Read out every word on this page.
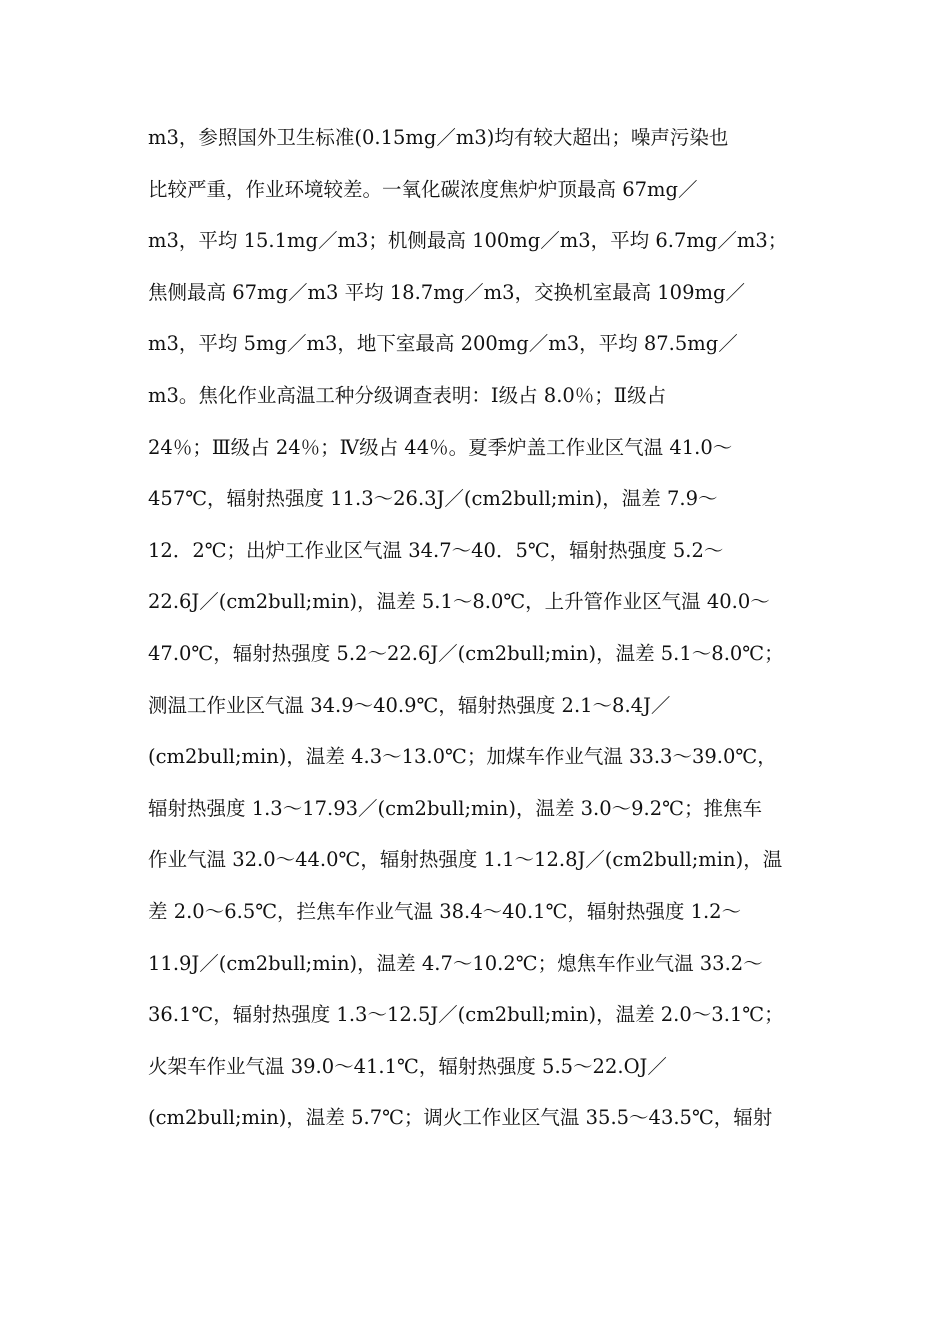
m3，参照国外卫生标准(0.15mg／m3)均有较大超出；噪声污染也
比较严重，作业环境较差。一氧化碳浓度焦炉炉顶最高 67mg／
m3，平均 15.1mg／m3；机侧最高 100mg／m3，平均 6.7mg／m3；
焦侧最高 67mg／m3 平均 18.7mg／m3，交换机室最高 109mg／
m3，平均 5mg／m3，地下室最高 200mg／m3，平均 87.5mg／
m3。焦化作业高温工种分级调查表明：Ⅰ级占 8.0％；Ⅱ级占
24％；Ⅲ级占 24％；Ⅳ级占 44％。夏季炉盖工作业区气温 41.0～
457℃，辐射热强度 11.3～26.3J／(cm2bull;min)，温差 7.9～
12．2℃；出炉工作业区气温 34.7～40．5℃，辐射热强度 5.2～
22.6J／(cm2bull;min)，温差 5.1～8.0℃，上升管作业区气温 40.0～
47.0℃，辐射热强度 5.2～22.6J／(cm2bull;min)，温差 5.1～8.0℃；
测温工作业区气温 34.9～40.9℃，辐射热强度 2.1～8.4J／
(cm2bull;min)，温差 4.3～13.0℃；加煤车作业气温 33.3～39.0℃，
辐射热强度 1.3～17.93／(cm2bull;min)，温差 3.0～9.2℃；推焦车
作业气温 32.0～44.0℃，辐射热强度 1.1～12.8J／(cm2bull;min)，温
差 2.0～6.5℃，拦焦车作业气温 38.4～40.1℃，辐射热强度 1.2～
11.9J／(cm2bull;min)，温差 4.7～10.2℃；熄焦车作业气温 33.2～
36.1℃，辐射热强度 1.3～12.5J／(cm2bull;min)，温差 2.0～3.1℃；
火架车作业气温 39.0～41.1℃，辐射热强度 5.5～22.OJ／
(cm2bull;min)，温差 5.7℃；调火工作业区气温 35.5～43.5℃，辐射
